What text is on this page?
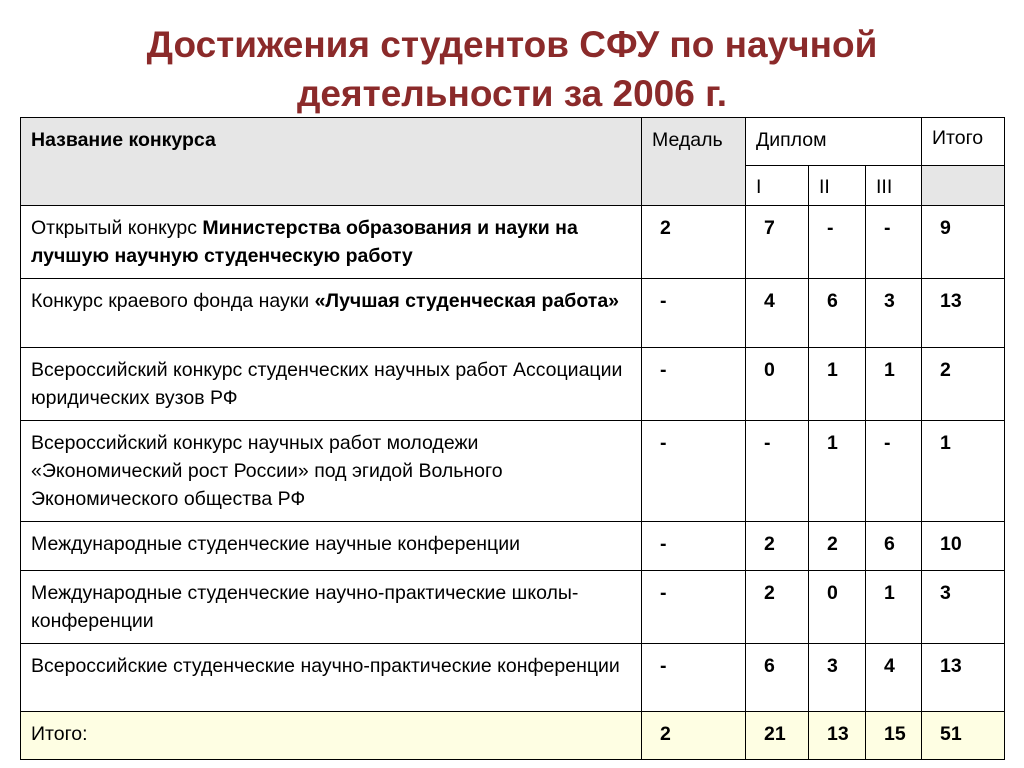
Достижения студентов СФУ по научной
деятельности за 2006 г.
Название конкурса	Медаль	Диплом			Итого
		I	II	III	
Открытый конкурс Министерства образования и науки на лучшую научную студенческую работу	2	7	-	-	9
Конкурс краевого фонда науки «Лучшая студенческая работа»	-	4	6	3	13
Всероссийский конкурс студенческих научных работ Ассоциации юридических вузов РФ	-	0	1	1	2
Всероссийский конкурс научных работ молодежи «Экономический рост России» под эгидой Вольного Экономического общества РФ	-	-	1	-	1
Международные студенческие научные конференции	-	2	2	6	10
Международные студенческие научно-практические школы-конференции	-	2	0	1	3
Всероссийские студенческие научно-практические конференции	-	6	3	4	13
Итого:	2	21	13	15	51
